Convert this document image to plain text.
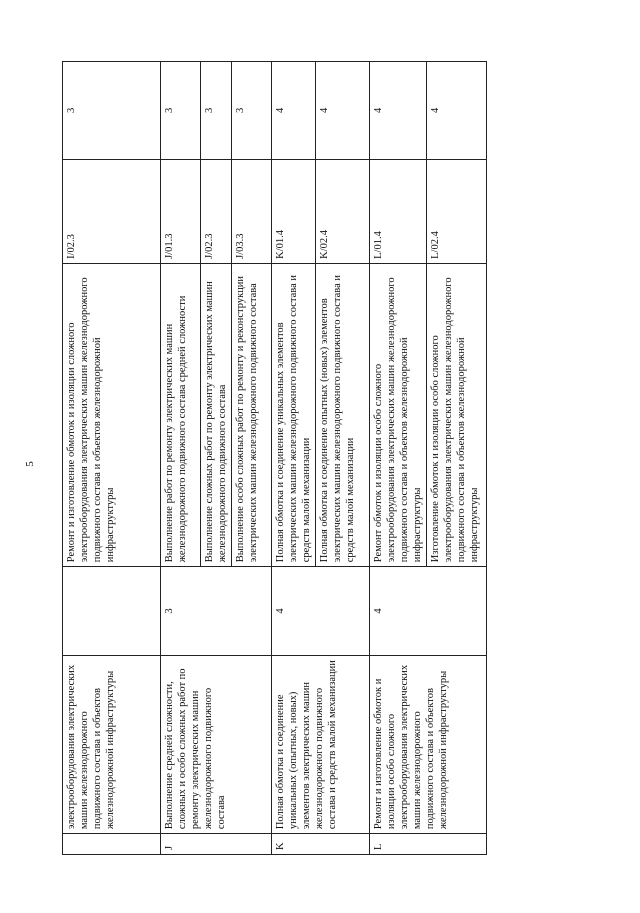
5
	электрооборудования электрических машин железнодорожного подвижного состава и объектов железнодорожной инфраструктуры		Ремонт и изготовление обмоток и изоляции сложного электрооборудования электрических машин железнодорожного подвижного состава и объектов железнодорожной инфраструктуры	I/02.3	3
J	Выполнение средней сложности, сложных и особо сложных работ по ремонту электрических машин железнодорожного подвижного состава	3	Выполнение работ по ремонту электрических машин железнодорожного подвижного состава средней сложности	J/01.3	3
			Выполнение сложных работ по ремонту электрических машин железнодорожного подвижного состава	J/02.3	3
			Выполнение особо сложных работ по ремонту и реконструкции электрических машин железнодорожного подвижного состава	J/03.3	3
K	Полная обмотка и соединение уникальных (опытных, новых) элементов электрических машин железнодорожного подвижного состава и средств малой механизации	4	Полная обмотка и соединение уникальных элементов электрических машин железнодорожного подвижного состава и средств малой механизации	K/01.4	4
			Полная обмотка и соединение опытных (новых) элементов электрических машин железнодорожного подвижного состава и средств малой механизации	K/02.4	4
L	Ремонт и изготовление обмоток и изоляции особо сложного электрооборудования электрических машин железнодорожного подвижного состава и объектов железнодорожной инфраструктуры	4	Ремонт обмоток и изоляции особо сложного электрооборудования электрических машин железнодорожного подвижного состава и объектов железнодорожной инфраструктуры	L/01.4	4
			Изготовление обмоток и изоляции особо сложного электрооборудования электрических машин железнодорожного подвижного состава и объектов железнодорожной инфраструктуры	L/02.4	4
